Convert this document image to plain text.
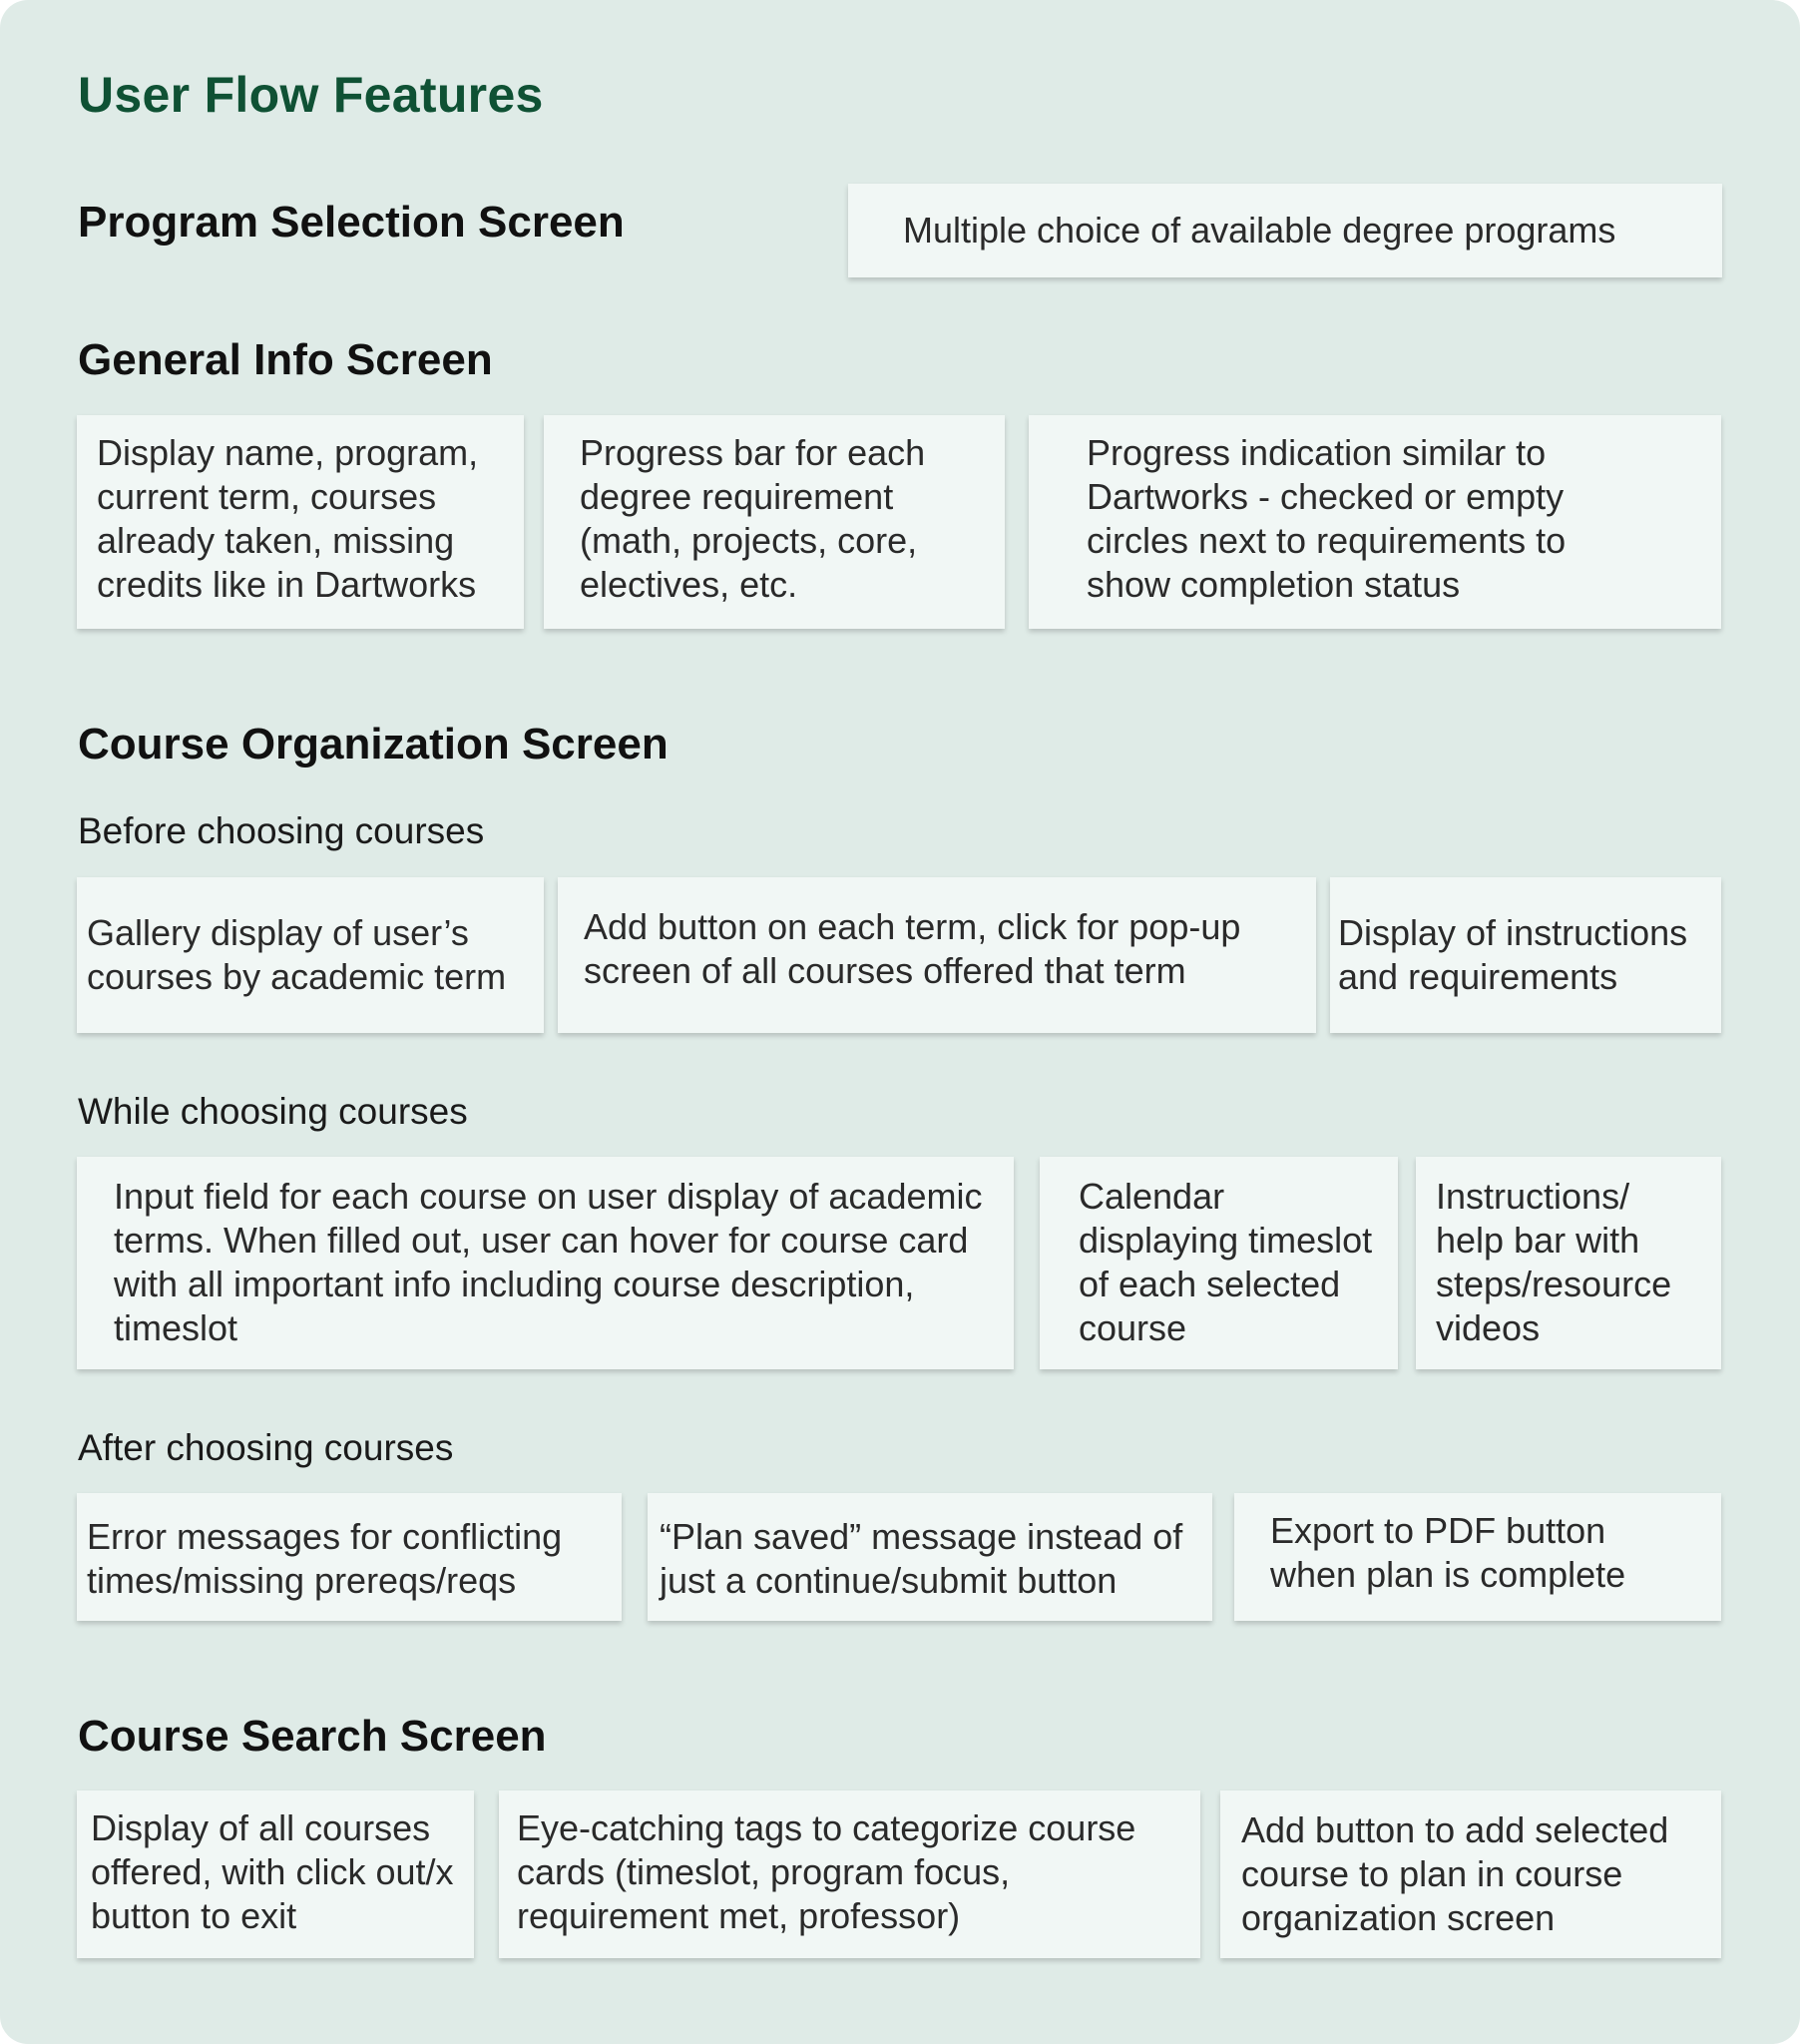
User Flow Features
Program Selection Screen	Multiple choice of available degree programs
General Info Screen
Display name, program, current term, courses already taken, missing credits like in Dartworks
Progress bar for each degree requirement (math, projects, core, electives, etc.
Progress indication similar to Dartworks - checked or empty circles next to requirements to show completion status
Course Organization Screen
Before choosing courses
Gallery display of user’s courses by academic term
Add button on each term, click for pop-up screen of all courses offered that term
Display of instructions and requirements
While choosing courses
Input field for each course on user display of academic terms. When filled out, user can hover for course card with all important info including course description, timeslot
Calendar displaying timeslot of each selected course
Instructions/ help bar with steps/resource videos
After choosing courses
Error messages for conflicting times/missing prereqs/reqs
“Plan saved” message instead of just a continue/submit button
Export to PDF button when plan is complete
Course Search Screen
Display of all courses offered, with click out/x button to exit
Eye-catching tags to categorize course cards (timeslot, program focus, requirement met, professor)
Add button to add selected course to plan in course organization screen
